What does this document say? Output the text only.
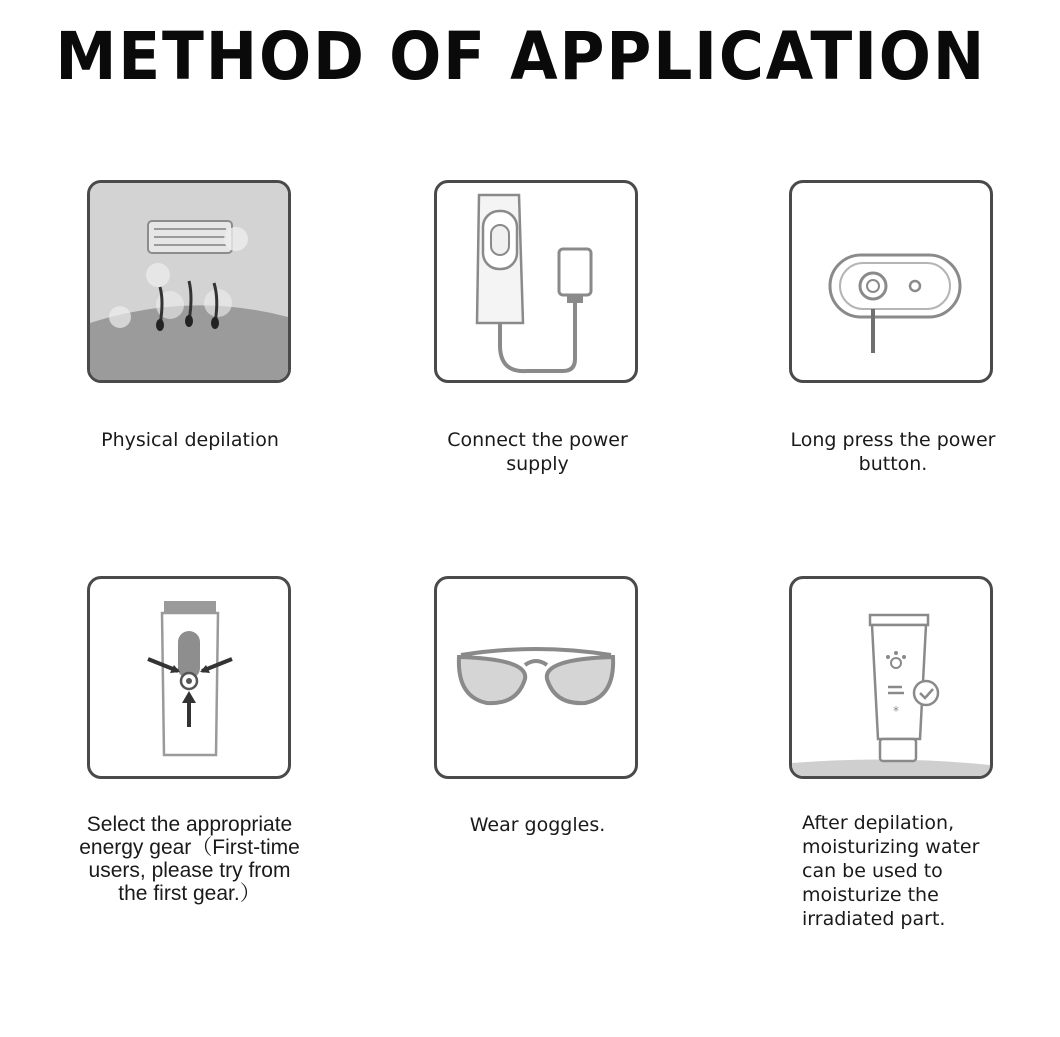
METHOD OF APPLICATION
Physical depilation	Connect the power
supply
Long press the power
button.
Select the appropriate
energy gear（First-time
users, please try from
the first gear.）
Wear goggles.
*
After depilation,
moisturizing water
can be used to
moisturize the
irradiated part.
